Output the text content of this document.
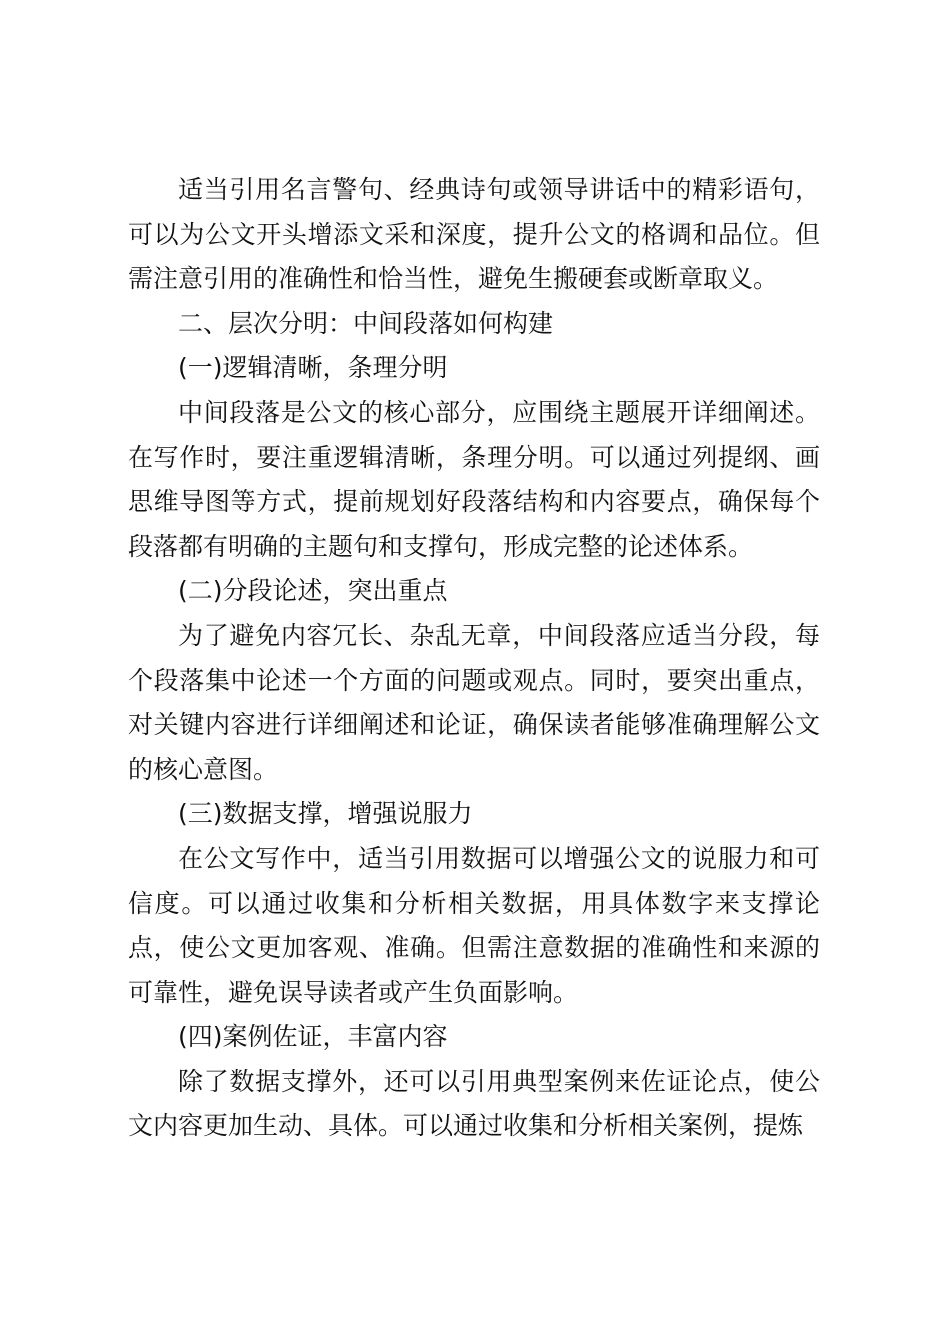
适当引用名言警句、经典诗句或领导讲话中的精彩语句，可以为公文开头增添文采和深度，提升公文的格调和品位。但需注意引用的准确性和恰当性，避免生搬硬套或断章取义。

二、层次分明：中间段落如何构建

(一)逻辑清晰，条理分明

中间段落是公文的核心部分，应围绕主题展开详细阐述。在写作时，要注重逻辑清晰，条理分明。可以通过列提纲、画思维导图等方式，提前规划好段落结构和内容要点，确保每个段落都有明确的主题句和支撑句，形成完整的论述体系。

(二)分段论述，突出重点

为了避免内容冗长、杂乱无章，中间段落应适当分段，每个段落集中论述一个方面的问题或观点。同时，要突出重点，对关键内容进行详细阐述和论证，确保读者能够准确理解公文的核心意图。

(三)数据支撑，增强说服力

在公文写作中，适当引用数据可以增强公文的说服力和可信度。可以通过收集和分析相关数据，用具体数字来支撑论点，使公文更加客观、准确。但需注意数据的准确性和来源的可靠性，避免误导读者或产生负面影响。

(四)案例佐证，丰富内容

除了数据支撑外，还可以引用典型案例来佐证论点，使公文内容更加生动、具体。可以通过收集和分析相关案例，提炼
